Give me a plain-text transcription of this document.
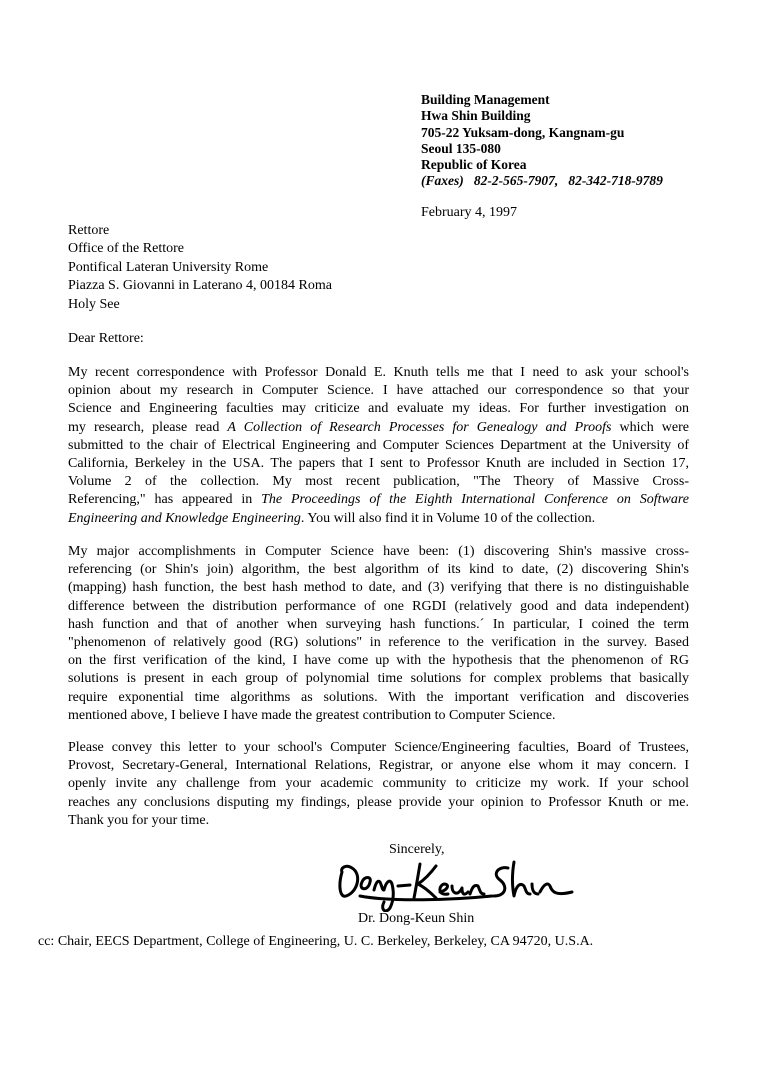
Building Management
Hwa Shin Building
705-22 Yuksam-dong, Kangnam-gu
Seoul 135-080
Republic of Korea
(Faxes) 82-2-565-7907, 82-342-718-9789
February 4, 1997
Rettore
Office of the Rettore
Pontifical Lateran University Rome
Piazza S. Giovanni in Laterano 4, 00184 Roma
Holy See
Dear Rettore:
My recent correspondence with Professor Donald E. Knuth tells me that I need to ask your school's
opinion about my research in Computer Science. I have attached our correspondence so that your
Science and Engineering faculties may criticize and evaluate my ideas. For further investigation on
my research, please read A Collection of Research Processes for Genealogy and Proofs which were
submitted to the chair of Electrical Engineering and Computer Sciences Department at the University of
California, Berkeley in the USA. The papers that I sent to Professor Knuth are included in Section 17,
Volume 2 of the collection. My most recent publication, "The Theory of Massive Cross-
Referencing," has appeared in The Proceedings of the Eighth International Conference on Software
Engineering and Knowledge Engineering. You will also find it in Volume 10 of the collection.
My major accomplishments in Computer Science have been: (1) discovering Shin's massive cross-
referencing (or Shin's join) algorithm, the best algorithm of its kind to date, (2) discovering Shin's
(mapping) hash function, the best hash method to date, and (3) verifying that there is no distinguishable
difference between the distribution performance of one RGDI (relatively good and data independent)
hash function and that of another when surveying hash functions.´ In particular, I coined the term
"phenomenon of relatively good (RG) solutions" in reference to the verification in the survey. Based
on the first verification of the kind, I have come up with the hypothesis that the phenomenon of RG
solutions is present in each group of polynomial time solutions for complex problems that basically
require exponential time algorithms as solutions. With the important verification and discoveries
mentioned above, I believe I have made the greatest contribution to Computer Science.
Please convey this letter to your school's Computer Science/Engineering faculties, Board of Trustees,
Provost, Secretary-General, International Relations, Registrar, or anyone else whom it may concern. I
openly invite any challenge from your academic community to criticize my work. If your school
reaches any conclusions disputing my findings, please provide your opinion to Professor Knuth or me.
Thank you for your time.
Sincerely,
Dr. Dong-Keun Shin
cc: Chair, EECS Department, College of Engineering, U. C. Berkeley, Berkeley, CA 94720, U.S.A.
